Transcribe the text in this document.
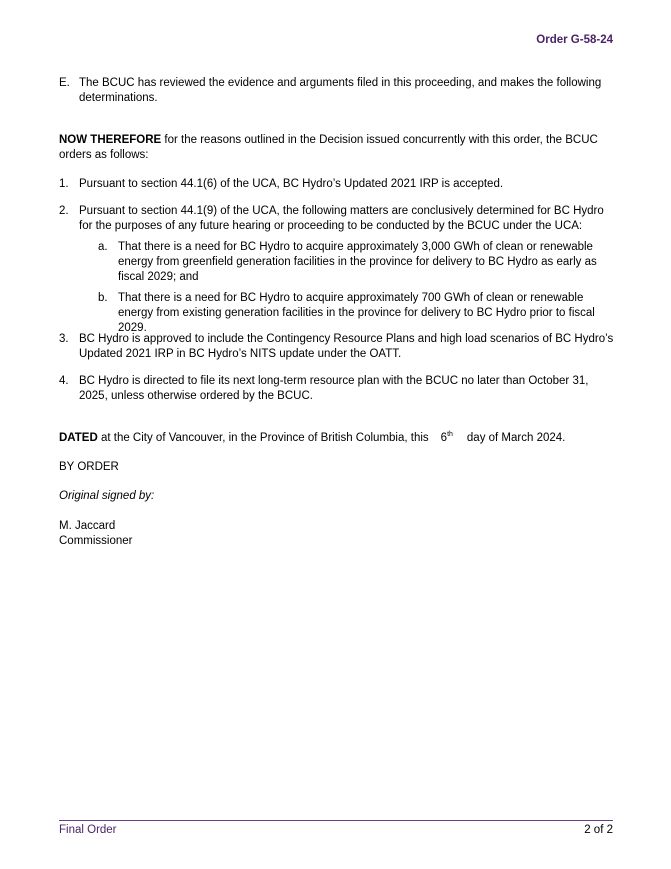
Order G-58-24
E. The BCUC has reviewed the evidence and arguments filed in this proceeding, and makes the following determinations.
NOW THEREFORE for the reasons outlined in the Decision issued concurrently with this order, the BCUC orders as follows:
1. Pursuant to section 44.1(6) of the UCA, BC Hydro’s Updated 2021 IRP is accepted.
2. Pursuant to section 44.1(9) of the UCA, the following matters are conclusively determined for BC Hydro for the purposes of any future hearing or proceeding to be conducted by the BCUC under the UCA:
a. That there is a need for BC Hydro to acquire approximately 3,000 GWh of clean or renewable energy from greenfield generation facilities in the province for delivery to BC Hydro as early as fiscal 2029; and
b. That there is a need for BC Hydro to acquire approximately 700 GWh of clean or renewable energy from existing generation facilities in the province for delivery to BC Hydro prior to fiscal 2029.
3. BC Hydro is approved to include the Contingency Resource Plans and high load scenarios of BC Hydro’s Updated 2021 IRP in BC Hydro’s NITS update under the OATT.
4. BC Hydro is directed to file its next long-term resource plan with the BCUC no later than October 31, 2025, unless otherwise ordered by the BCUC.
DATED at the City of Vancouver, in the Province of British Columbia, this 6th day of March 2024.
BY ORDER
Original signed by:
M. Jaccard
Commissioner
Final Order	2 of 2
